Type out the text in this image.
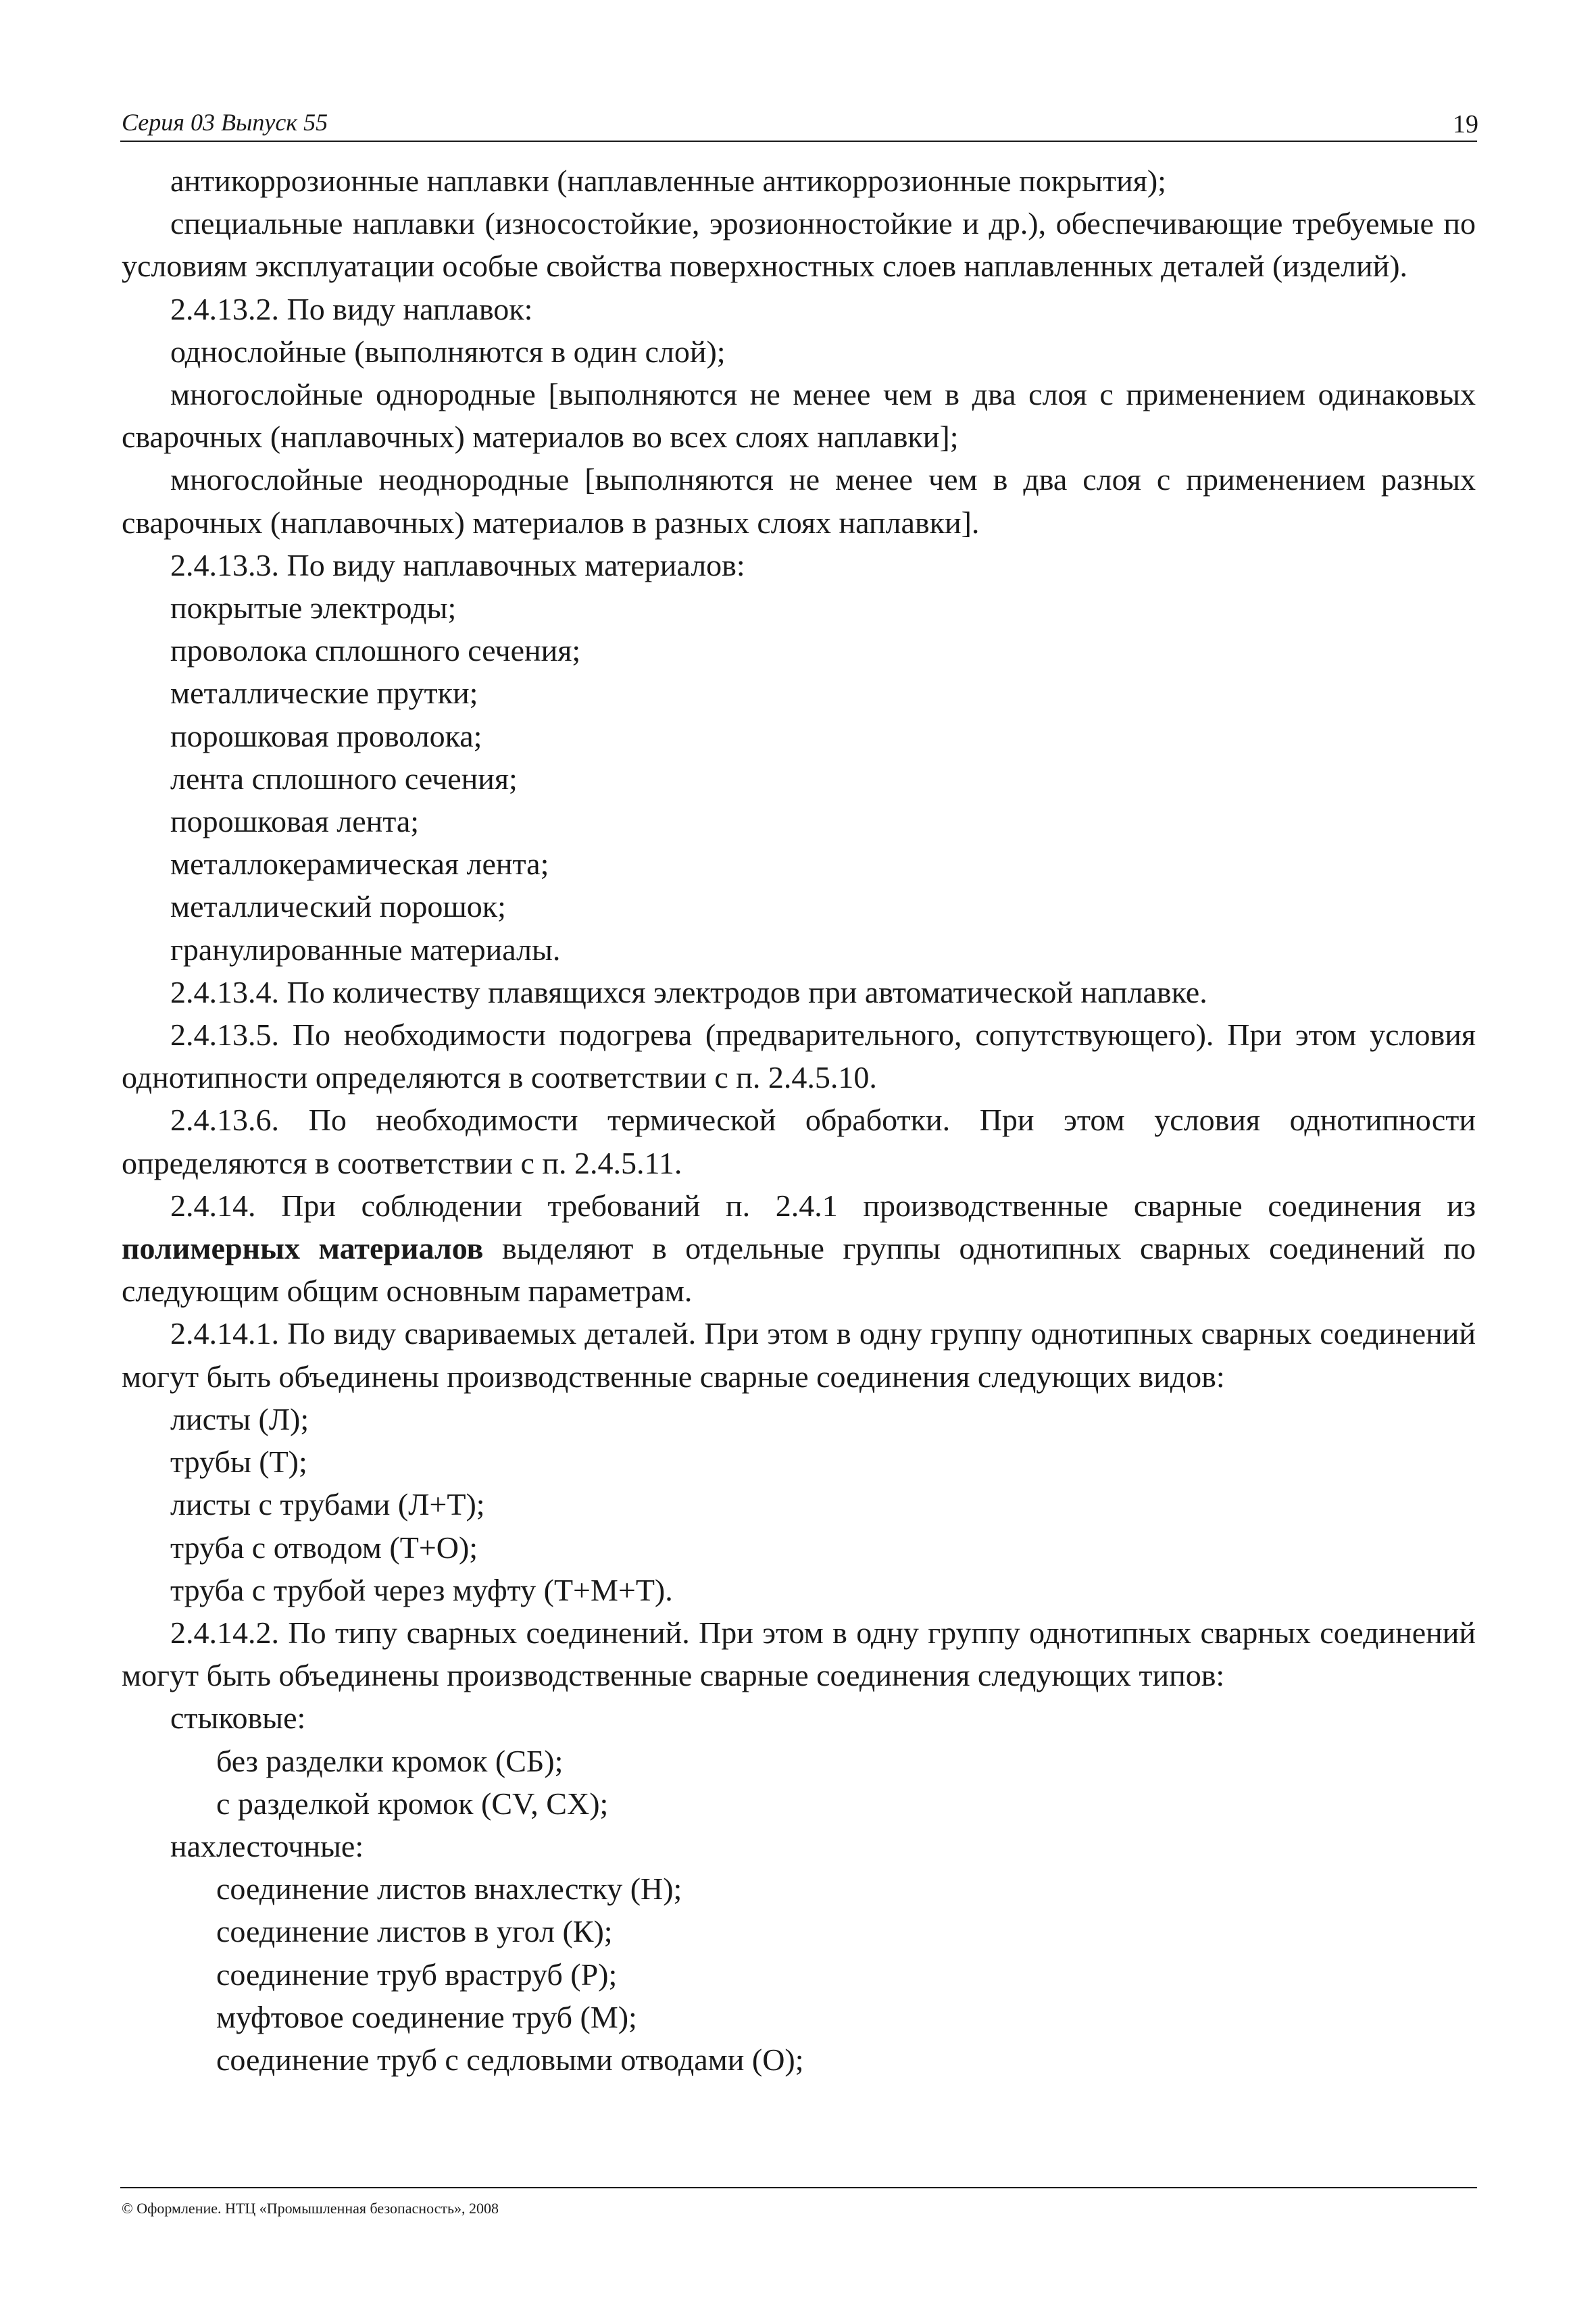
Серия 03 Выпуск 55	19

антикоррозионные наплавки (наплавленные антикоррозионные покрытия);

специальные наплавки (износостойкие, эрозионностойкие и др.), обеспечивающие требуемые по условиям эксплуатации особые свойства поверхностных слоев наплавленных деталей (изделий).

2.4.13.2. По виду наплавок:

однослойные (выполняются в один слой);

многослойные однородные [выполняются не менее чем в два слоя с применением одинаковых сварочных (наплавочных) материалов во всех слоях наплавки];

многослойные неоднородные [выполняются не менее чем в два слоя с применением разных сварочных (наплавочных) материалов в разных слоях наплавки].

2.4.13.3. По виду наплавочных материалов:

покрытые электроды;

проволока сплошного сечения;

металлические прутки;

порошковая проволока;

лента сплошного сечения;

порошковая лента;

металлокерамическая лента;

металлический порошок;

гранулированные материалы.

2.4.13.4. По количеству плавящихся электродов при автоматической наплавке.

2.4.13.5. По необходимости подогрева (предварительного, сопутствующего). При этом условия однотипности определяются в соответствии с п. 2.4.5.10.

2.4.13.6. По необходимости термической обработки. При этом условия однотипности определяются в соответствии с п. 2.4.5.11.

2.4.14. При соблюдении требований п. 2.4.1 производственные сварные соединения из полимерных материалов выделяют в отдельные группы однотипных сварных соединений по следующим общим основным параметрам.

2.4.14.1. По виду свариваемых деталей. При этом в одну группу однотипных сварных соединений могут быть объединены производственные сварные соединения следующих видов:

листы (Л);

трубы (Т);

листы с трубами (Л+Т);

труба с отводом (Т+О);

труба с трубой через муфту (Т+М+Т).

2.4.14.2. По типу сварных соединений. При этом в одну группу однотипных сварных соединений могут быть объединены производственные сварные соединения следующих типов:

стыковые:

без разделки кромок (СБ);

с разделкой кромок (CV, CX);

нахлесточные:

соединение листов внахлестку (Н);

соединение листов в угол (К);

соединение труб враструб (Р);

муфтовое соединение труб (М);

соединение труб с седловыми отводами (О);

© Оформление. НТЦ «Промышленная безопасность», 2008
